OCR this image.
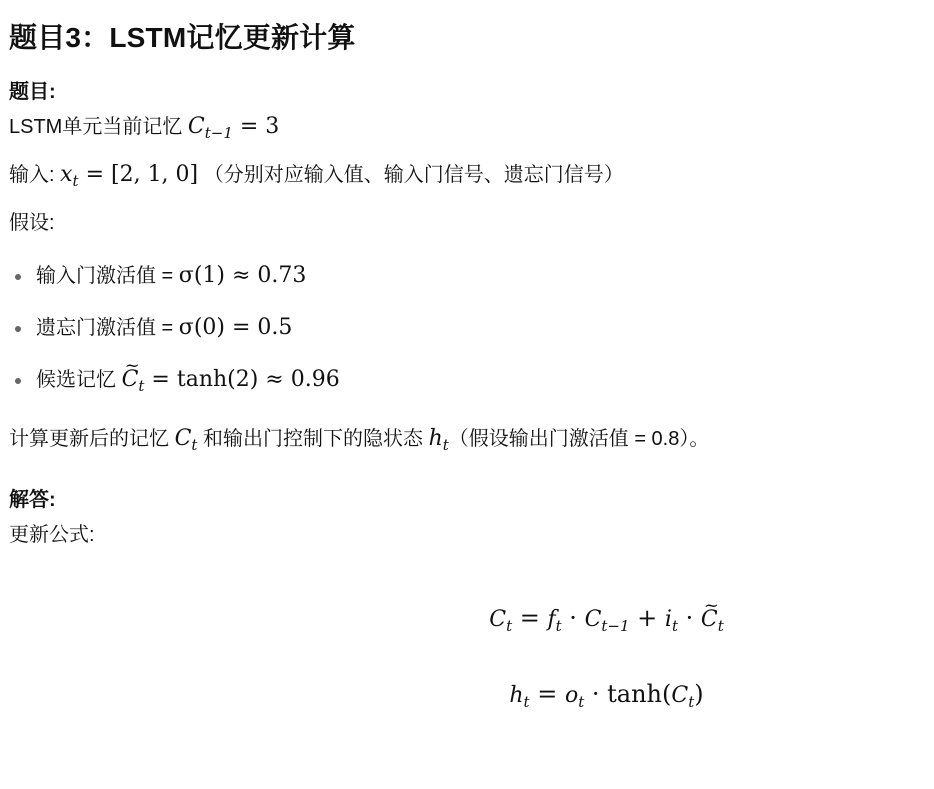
题目3：LSTM记忆更新计算
题目:
LSTM单元当前记忆 $C_{t-1} = 3$
输入: $x_t = [2$, 1, 0] （分别对应输入值、输入门信号、遗忘门信号）
假设:
输入门激活值 = σ(1) ≈ 0.73
遗忘门激活值 = σ(0) = 0.5
候选记忆 ~ $C_t = \tanh(2) \approx 0.96$
计算更新后的记忆 $C_t$ 和输出门控制下的隐状态 $h_t$（假设输出门激活值 = 0.8）。
解答:
更新公式:
$C_t = f_t \cdot C_{t-1} + i_t$ · ~ $C_t$
$h_t = o_t \cdot \tanh(C_t)$
